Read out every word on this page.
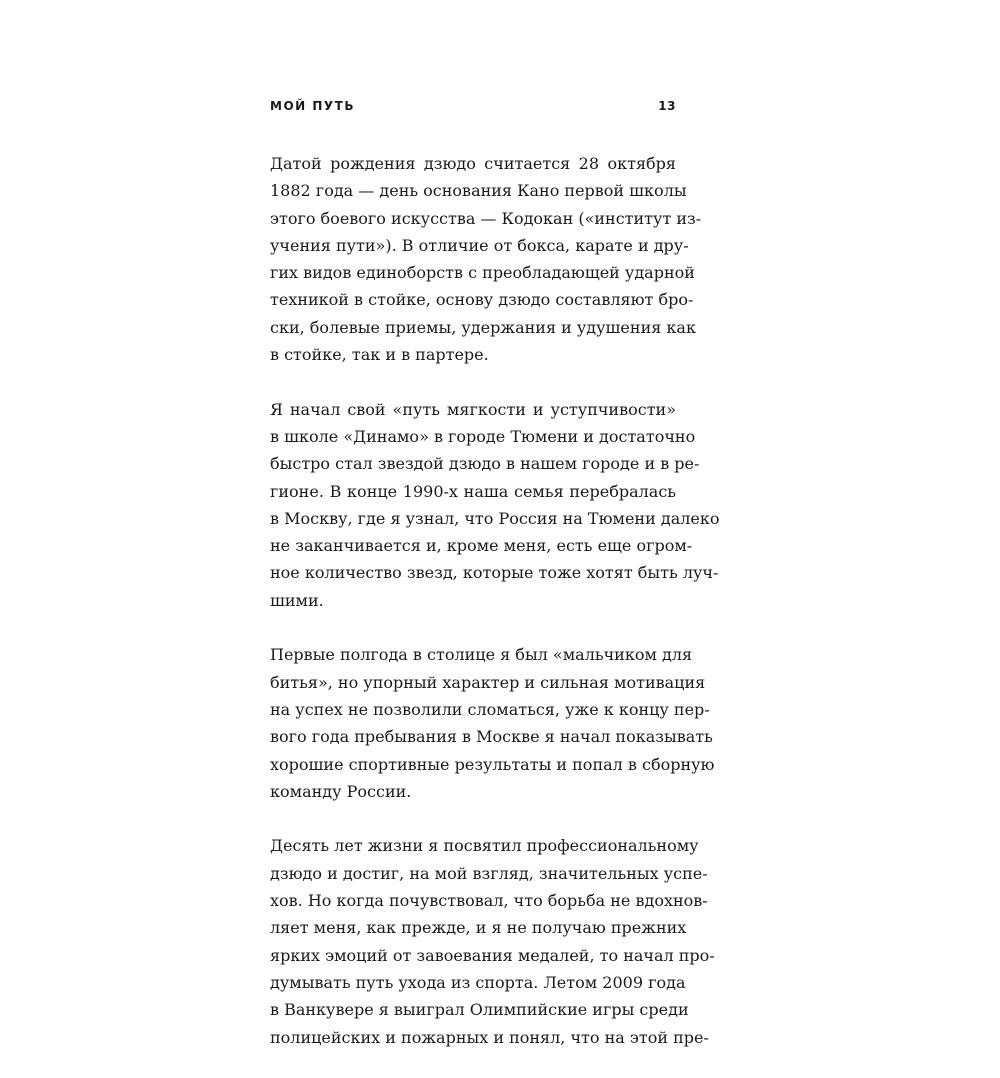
МОЙ ПУТЬ	13

Датой рождения дзюдо считается 28 октября
1882 года — день основания Кано первой школы
этого боевого искусства — Кодокан («институт из-
учения пути»). В отличие от бокса, карате и дру-
гих видов единоборств с преобладающей ударной
техникой в стойке, основу дзюдо составляют бро-
ски, болевые приемы, удержания и удушения как
в стойке, так и в партере.

Я начал свой «путь мягкости и уступчивости»
в школе «Динамо» в городе Тюмени и достаточно
быстро стал звездой дзюдо в нашем городе и в ре-
гионе. В конце 1990-х наша семья перебралась
в Москву, где я узнал, что Россия на Тюмени далеко
не заканчивается и, кроме меня, есть еще огром-
ное количество звезд, которые тоже хотят быть луч-
шими.

Первые полгода в столице я был «мальчиком для
битья», но упорный характер и сильная мотивация
на успех не позволили сломаться, уже к концу пер-
вого года пребывания в Москве я начал показывать
хорошие спортивные результаты и попал в сборную
команду России.

Десять лет жизни я посвятил профессиональному
дзюдо и достиг, на мой взгляд, значительных успе-
хов. Но когда почувствовал, что борьба не вдохнов-
ляет меня, как прежде, и я не получаю прежних
ярких эмоций от завоевания медалей, то начал про-
думывать путь ухода из спорта. Летом 2009 года
в Ванкувере я выиграл Олимпийские игры среди
полицейских и пожарных и понял, что на этой пре-
